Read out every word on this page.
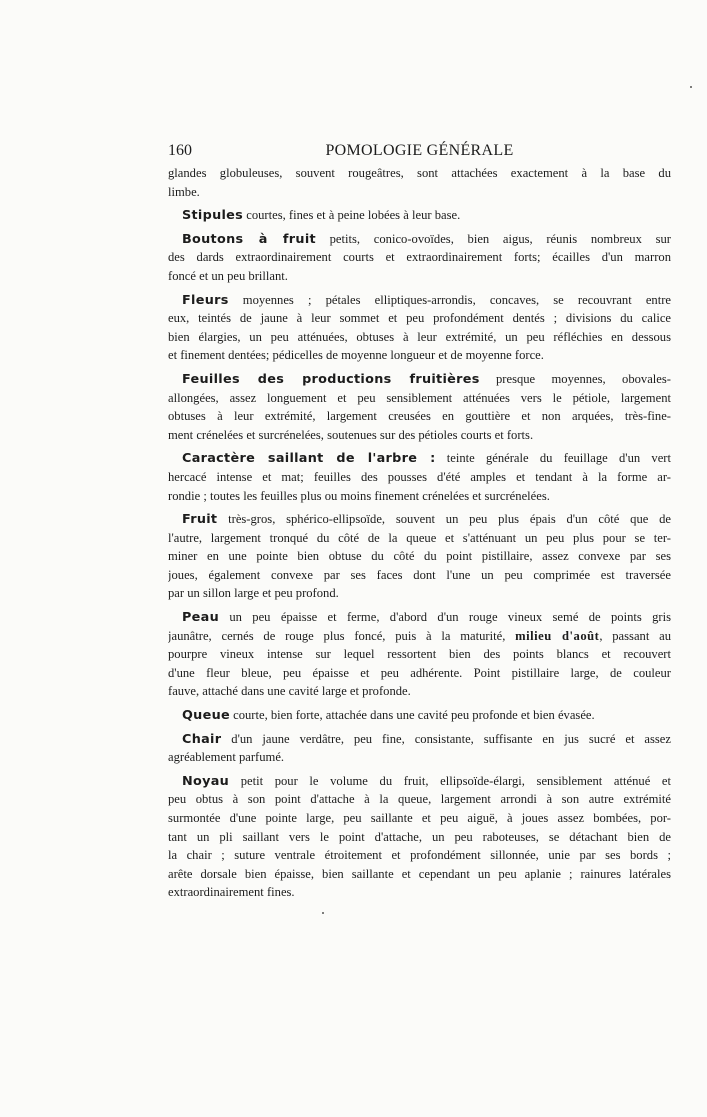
160	POMOLOGIE GÉNÉRALE
glandes globuleuses, souvent rougeâtres, sont attachées exactement à la base du
limbe.
Stipules courtes, fines et à peine lobées à leur base.
Boutons à fruit petits, conico-ovoïdes, bien aigus, réunis nombreux sur
des dards extraordinairement courts et extraordinairement forts; écailles d'un marron
foncé et un peu brillant.
Fleurs moyennes ; pétales elliptiques-arrondis, concaves, se recouvrant entre
eux, teintés de jaune à leur sommet et peu profondément dentés ; divisions du calice
bien élargies, un peu atténuées, obtuses à leur extrémité, un peu réfléchies en dessous
et finement dentées; pédicelles de moyenne longueur et de moyenne force.
Feuilles des productions fruitières presque moyennes, obovales-
allongées, assez longuement et peu sensiblement atténuées vers le pétiole, largement
obtuses à leur extrémité, largement creusées en gouttière et non arquées, très-fine-
ment crénelées et surcrénelées, soutenues sur des pétioles courts et forts.
Caractère saillant de l'arbre : teinte générale du feuillage d'un vert
hercacé intense et mat; feuilles des pousses d'été amples et tendant à la forme ar-
rondie ; toutes les feuilles plus ou moins finement crénelées et surcrénelées.
Fruit très-gros, sphérico-ellipsoïde, souvent un peu plus épais d'un côté que de
l'autre, largement tronqué du côté de la queue et s'atténuant un peu plus pour se ter-
miner en une pointe bien obtuse du côté du point pistillaire, assez convexe par ses
joues, également convexe par ses faces dont l'une un peu comprimée est traversée
par un sillon large et peu profond.
Peau un peu épaisse et ferme, d'abord d'un rouge vineux semé de points gris
jaunâtre, cernés de rouge plus foncé, puis à la maturité, milieu d'août, passant au
pourpre vineux intense sur lequel ressortent bien des points blancs et recouvert
d'une fleur bleue, peu épaisse et peu adhérente. Point pistillaire large, de couleur
fauve, attaché dans une cavité large et profonde.
Queue courte, bien forte, attachée dans une cavité peu profonde et bien évasée.
Chair d'un jaune verdâtre, peu fine, consistante, suffisante en jus sucré et assez
agréablement parfumé.
Noyau petit pour le volume du fruit, ellipsoïde-élargi, sensiblement atténué et
peu obtus à son point d'attache à la queue, largement arrondi à son autre extrémité
surmontée d'une pointe large, peu saillante et peu aiguë, à joues assez bombées, por-
tant un pli saillant vers le point d'attache, un peu raboteuses, se détachant bien de
la chair ; suture ventrale étroitement et profondément sillonnée, unie par ses bords ;
arête dorsale bien épaisse, bien saillante et cependant un peu aplanie ; rainures latérales
extraordinairement fines.
